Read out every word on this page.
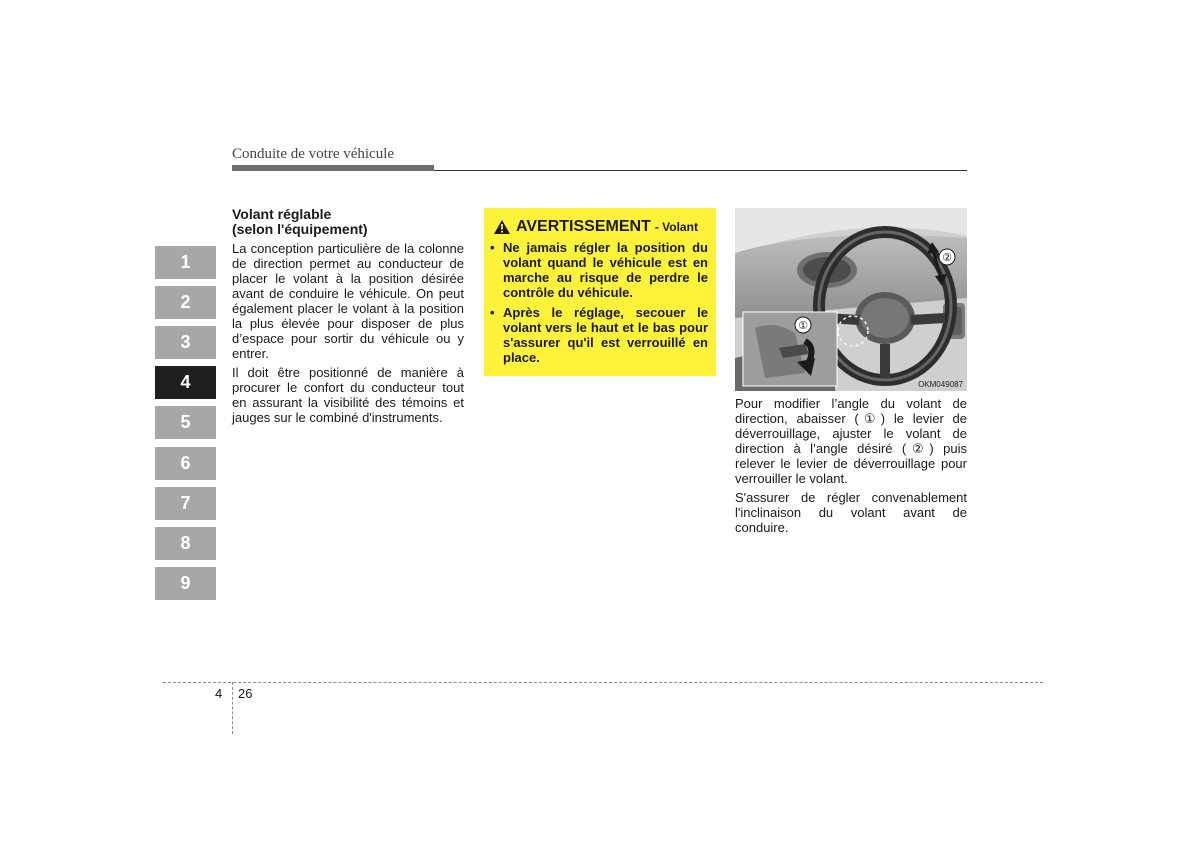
Conduite de votre véhicule
1
2
3
4
5
6
7
8
9
Volant réglable
(selon l'équipement)

La conception particulière de la colonne de direction permet au conducteur de placer le volant à la position désirée avant de conduire le véhicule. On peut également placer le volant à la position la plus élevée pour disposer de plus d’espace pour sortir du véhicule ou y entrer.

Il doit être positionné de manière à procurer le confort du conducteur tout en assurant la visibilité des témoins et jauges sur le combiné d'instruments.

AVERTISSEMENT - Volant
• Ne jamais régler la position du volant quand le véhicule est en marche au risque de perdre le contrôle du véhicule.
• Après le réglage, secouer le volant vers le haut et le bas pour s'assurer qu'il est verrouillé en place.
②
①
OKM049087

Pour modifier l’angle du volant de direction, abaisser (①) le levier de déverrouillage, ajuster le volant de direction à l’angle désiré (②) puis relever le levier de déverrouillage pour verrouiller le volant.

S'assurer de régler convenablement l'inclinaison du volant avant de conduire.

4 26
